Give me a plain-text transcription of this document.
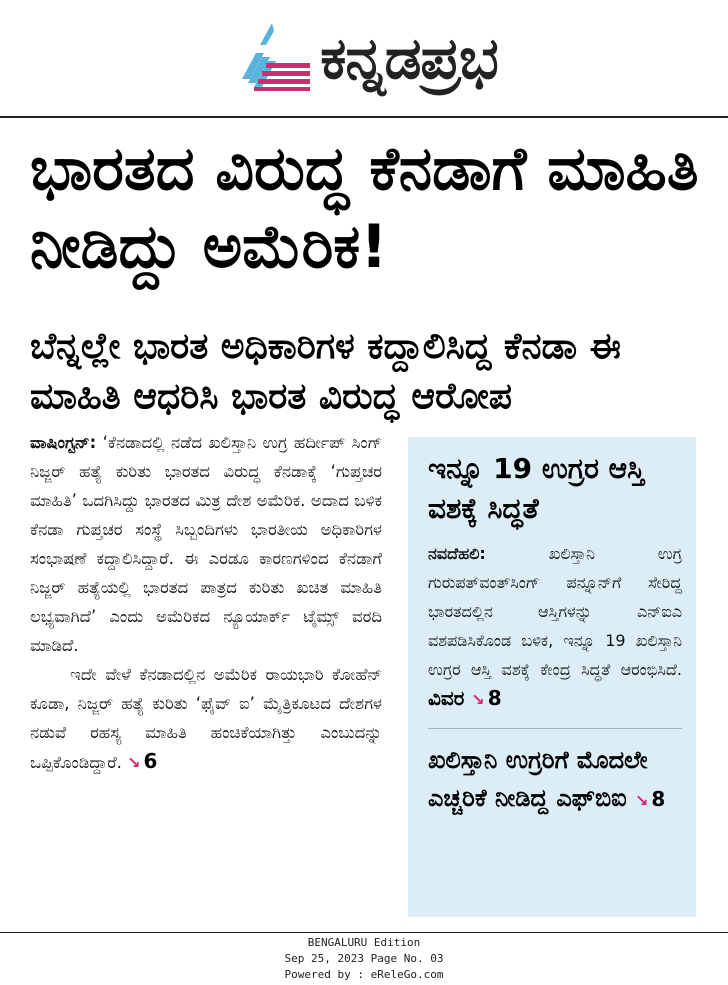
ಕನ್ನಡಪ್ರಭ
ಭಾರತದ ವಿರುದ್ಧ ಕೆನಡಾಗೆ ಮಾಹಿತಿ ನೀಡಿದ್ದು ಅಮೆರಿಕ!
ಬೆನ್ನಲ್ಲೇ ಭಾರತ ಅಧಿಕಾರಿಗಳ ಕದ್ದಾಲಿಸಿದ್ದ ಕೆನಡಾ ಈ ಮಾಹಿತಿ ಆಧರಿಸಿ ಭಾರತ ವಿರುದ್ಧ ಆರೋಪ

ವಾಷಿಂಗ್ಟನ್: ‘ಕೆನಡಾದಲ್ಲಿ ನಡೆದ ಖಲಿಸ್ತಾನಿ ಉಗ್ರ ಹರ್ದೀಪ್ ಸಿಂಗ್ ನಿಜ್ಜರ್ ಹತ್ಯೆ ಕುರಿತು ಭಾರತದ ವಿರುದ್ಧ ಕೆನಡಾಕ್ಕೆ ‘ಗುಪ್ತಚರ ಮಾಹಿತಿ’ ಒದಗಿಸಿದ್ದು ಭಾರತದ ಮಿತ್ರ ದೇಶ ಅಮೆರಿಕ. ಅದಾದ ಬಳಿಕ ಕೆನಡಾ ಗುಪ್ತಚರ ಸಂಸ್ಥೆ ಸಿಬ್ಬಂದಿಗಳು ಭಾರತೀಯ ಅಧಿಕಾರಿಗಳ ಸಂಭಾಷಣೆ ಕದ್ದಾಲಿಸಿದ್ದಾರೆ. ಈ ಎರಡೂ ಕಾರಣಗಳಿಂದ ಕೆನಡಾಗೆ ನಿಜ್ಜರ್ ಹತ್ಯೆಯಲ್ಲಿ ಭಾರತದ ಪಾತ್ರದ ಕುರಿತು ಖಚಿತ ಮಾಹಿತಿ ಲಭ್ಯವಾಗಿದೆ’ ಎಂದು ಅಮೆರಿಕದ ನ್ಯೂಯಾರ್ಕ್ ಟೈಮ್ಸ್ ವರದಿ ಮಾಡಿದೆ.

ಇದೇ ವೇಳೆ ಕೆನಡಾದಲ್ಲಿನ ಅಮೆರಿಕ ರಾಯಭಾರಿ ಕೋಹೆನ್ ಕೂಡಾ, ನಿಜ್ಜರ್ ಹತ್ಯೆ ಕುರಿತು ‘ಫೈವ್ ಐ’ ಮೈತ್ರಿಕೂಟದ ದೇಶಗಳ ನಡುವೆ ರಹಸ್ಯ ಮಾಹಿತಿ ಹಂಚಿಕೆಯಾಗಿತ್ತು ಎಂಬುದನ್ನು ಒಪ್ಪಿಕೊಂಡಿದ್ದಾರೆ. ↘ 6

ಇನ್ನೂ 19 ಉಗ್ರರ ಆಸ್ತಿ ವಶಕ್ಕೆ ಸಿದ್ಧತೆ

ನವದೆಹಲಿ:	ಖಲಿಸ್ತಾನಿ ಉಗ್ರ ಗುರುಪತ್‌ವಂತ್‌ಸಿಂಗ್ ಪನ್ನೂನ್‌ಗೆ ಸೇರಿದ್ದ ಭಾರತದಲ್ಲಿನ ಆಸ್ತಿಗಳನ್ನು ಎನ್‌ಐಎ ವಶಪಡಿಸಿಕೊಂಡ ಬಳಿಕ, ಇನ್ನೂ 19 ಖಲಿಸ್ತಾನಿ ಉಗ್ರರ ಆಸ್ತಿ ವಶಕ್ಕೆ ಕೇಂದ್ರ ಸಿದ್ಧತೆ ಆರಂಭಿಸಿದೆ. ವಿವರ ↘ 8

ಖಲಿಸ್ತಾನಿ ಉಗ್ರರಿಗೆ ಮೊದಲೇ ಎಚ್ಚರಿಕೆ ನೀಡಿದ್ದ ಎಫ್‌ಬಿಐ ↘ 8
BENGALURU Edition
Sep 25, 2023 Page No. 03
Powered by : eReleGo.com
